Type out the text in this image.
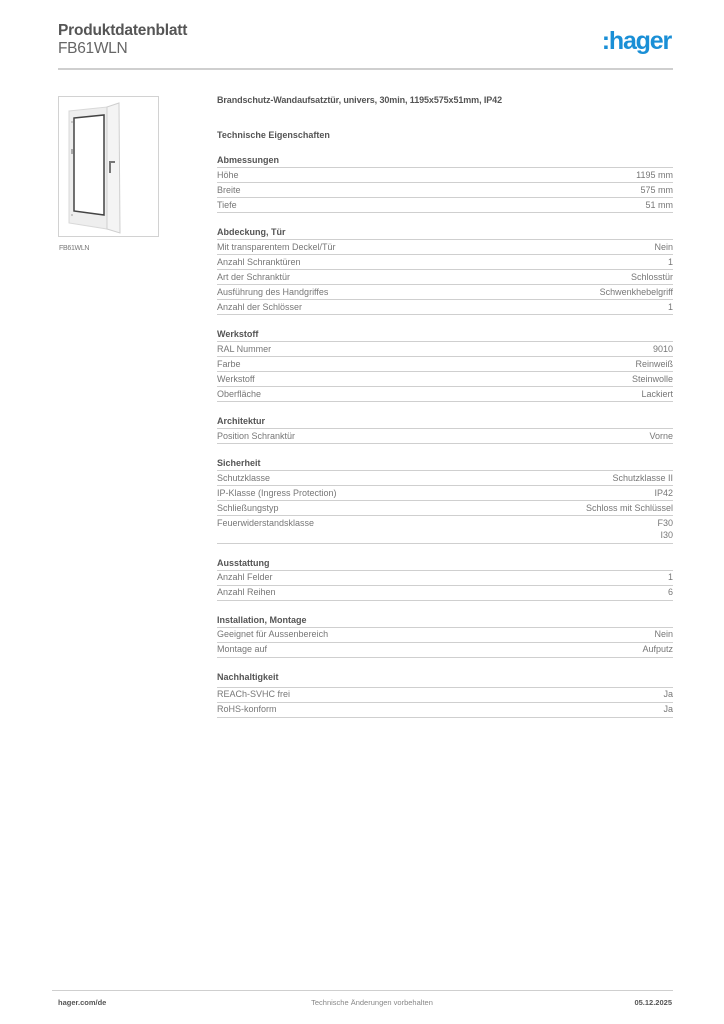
Produktdatenblatt
FB61WLN	:hager
FB61WLN
Brandschutz-Wandaufsatztür, univers, 30min, 1195x575x51mm, IP42
Technische Eigenschaften
Abmessungen
Höhe	1195 mm
Breite	575 mm
Tiefe	51 mm
Abdeckung, Tür
Mit transparentem Deckel/Tür	Nein
Anzahl Schranktüren	1
Art der Schranktür	Schlosstür
Ausführung des Handgriffes	Schwenkhebelgriff
Anzahl der Schlösser	1
Werkstoff
RAL Nummer	9010
Farbe	Reinweiß
Werkstoff	Steinwolle
Oberfläche	Lackiert
Architektur
Position Schranktür	Vorne
Sicherheit
Schutzklasse	Schutzklasse II
IP-Klasse (Ingress Protection)	IP42
Schließungstyp	Schloss mit Schlüssel
Feuerwiderstandsklasse	F30
I30
Ausstattung
Anzahl Felder	1
Anzahl Reihen	6
Installation, Montage
Geeignet für Aussenbereich	Nein
Montage auf	Aufputz
Nachhaltigkeit
REACh-SVHC frei	Ja
RoHS-konform	Ja
hager.com/de	Technische Änderungen vorbehalten	05.12.2025
